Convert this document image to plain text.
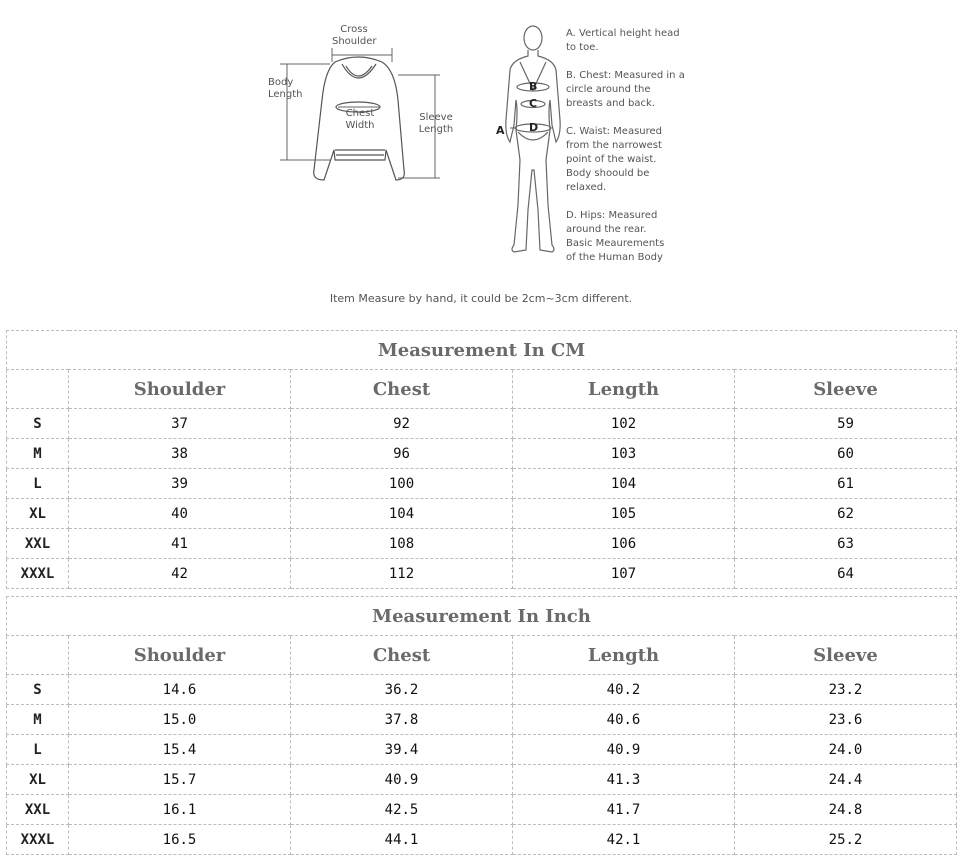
Cross
Shoulder
Body
Length
Chest
Width
Sleeve
Length	A
B
C
D
A. Vertical height head
to toe.
B. Chest: Measured in a
circle around the
breasts and back.
C. Waist: Measured
from the narrowest
point of the waist.
Body shoould be
relaxed.
D. Hips: Measured
around the rear.
Basic Meaurements
of the Human Body
Item Measure by hand, it could be 2cm~3cm different.
Measurement In CM				
	Shoulder	Chest	Length	Sleeve
S	37	92	102	59
M	38	96	103	60
L	39	100	104	61
XL	40	104	105	62
XXL	41	108	106	63
XXXL	42	112	107	64
Measurement In Inch				
	Shoulder	Chest	Length	Sleeve
S	14.6	36.2	40.2	23.2
M	15.0	37.8	40.6	23.6
L	15.4	39.4	40.9	24.0
XL	15.7	40.9	41.3	24.4
XXL	16.1	42.5	41.7	24.8
XXXL	16.5	44.1	42.1	25.2
